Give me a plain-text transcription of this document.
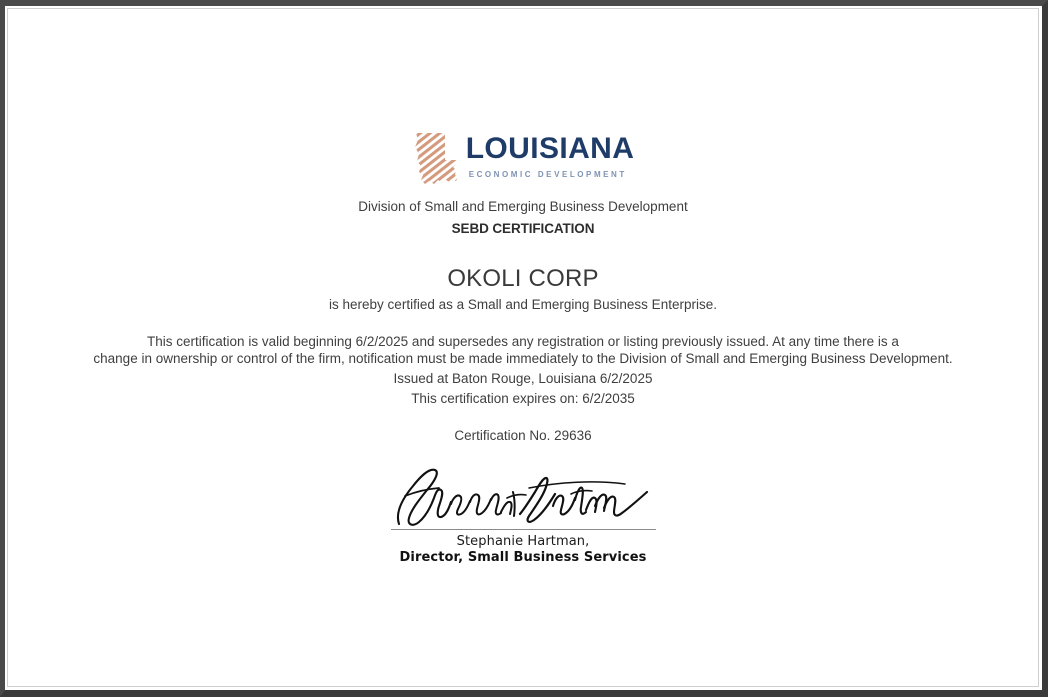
LOUISIANA
ECONOMIC DEVELOPMENT
Division of Small and Emerging Business Development
SEBD CERTIFICATION
OKOLI CORP
is hereby certified as a Small and Emerging Business Enterprise.
This certification is valid beginning 6/2/2025 and supersedes any registration or listing previously issued. At any time there is a
change in ownership or control of the firm, notification must be made immediately to the Division of Small and Emerging Business Development.
Issued at Baton Rouge, Louisiana 6/2/2025
This certification expires on: 6/2/2035
Certification No. 29636
Stephanie Hartman,
Director, Small Business Services
